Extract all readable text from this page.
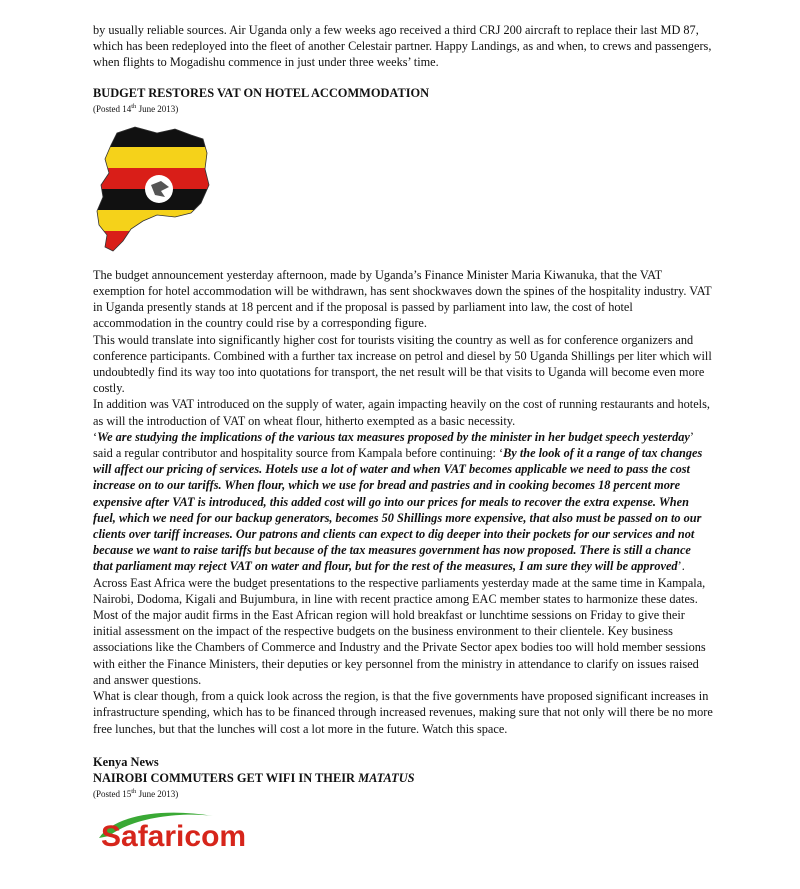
by usually reliable sources. Air Uganda only a few weeks ago received a third CRJ 200 aircraft to replace their last MD 87, which has been redeployed into the fleet of another Celestair partner. Happy Landings, as and when, to crews and passengers, when flights to Mogadishu commence in just under three weeks’ time.

BUDGET RESTORES VAT ON HOTEL ACCOMMODATION

(Posted 14th June 2013)

The budget announcement yesterday afternoon, made by Uganda’s Finance Minister Maria Kiwanuka, that the VAT exemption for hotel accommodation will be withdrawn, has sent shockwaves down the spines of the hospitality industry. VAT in Uganda presently stands at 18 percent and if the proposal is passed by parliament into law, the cost of hotel accommodation in the country could rise by a corresponding figure.

This would translate into significantly higher cost for tourists visiting the country as well as for conference organizers and conference participants. Combined with a further tax increase on petrol and diesel by 50 Uganda Shillings per liter which will undoubtedly find its way too into quotations for transport, the net result will be that visits to Uganda will become even more costly.

In addition was VAT introduced on the supply of water, again impacting heavily on the cost of running restaurants and hotels, as will the introduction of VAT on wheat flour, hitherto exempted as a basic necessity.

‘We are studying the implications of the various tax measures proposed by the minister in her budget speech yesterday’ said a regular contributor and hospitality source from Kampala before continuing: ‘By the look of it a range of tax changes will affect our pricing of services. Hotels use a lot of water and when VAT becomes applicable we need to pass the cost increase on to our tariffs. When flour, which we use for bread and pastries and in cooking becomes 18 percent more expensive after VAT is introduced, this added cost will go into our prices for meals to recover the extra expense. When fuel, which we need for our backup generators, becomes 50 Shillings more expensive, that also must be passed on to our clients over tariff increases. Our patrons and clients can expect to dig deeper into their pockets for our services and not because we want to raise tariffs but because of the tax measures government has now proposed. There is still a chance that parliament may reject VAT on water and flour, but for the rest of the measures, I am sure they will be approved’.

Across East Africa were the budget presentations to the respective parliaments yesterday made at the same time in Kampala, Nairobi, Dodoma, Kigali and Bujumbura, in line with recent practice among EAC member states to harmonize these dates. Most of the major audit firms in the East African region will hold breakfast or lunchtime sessions on Friday to give their initial assessment on the impact of the respective budgets on the business environment to their clientele. Key business associations like the Chambers of Commerce and Industry and the Private Sector apex bodies too will hold member sessions with either the Finance Ministers, their deputies or key personnel from the ministry in attendance to clarify on issues raised and answer questions.

What is clear though, from a quick look across the region, is that the five governments have proposed significant increases in infrastructure spending, which has to be financed through increased revenues, making sure that not only will there be no more free lunches, but that the lunches will cost a lot more in the future. Watch this space.

Kenya News

NAIROBI COMMUTERS GET WIFI IN THEIR MATATUS

(Posted 15th June 2013)

Safaricom
